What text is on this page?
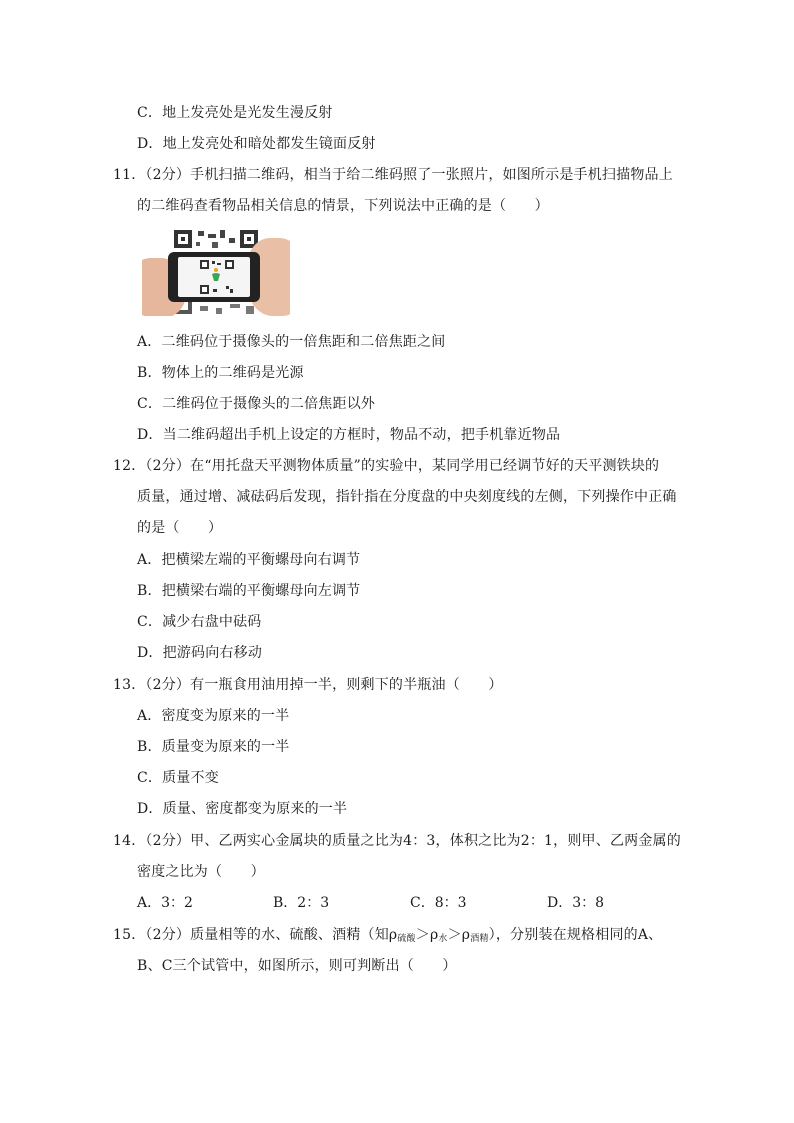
C．地上发亮处是光发生漫反射
D．地上发亮处和暗处都发生镜面反射
11．（2分）手机扫描二维码，相当于给二维码照了一张照片，如图所示是手机扫描物品上
的二维码查看物品相关信息的情景，下列说法中正确的是（　　）
A．二维码位于摄像头的一倍焦距和二倍焦距之间
B．物体上的二维码是光源
C．二维码位于摄像头的二倍焦距以外
D．当二维码超出手机上设定的方框时，物品不动，把手机靠近物品
12．（2分）在“用托盘天平测物体质量”的实验中，某同学用已经调节好的天平测铁块的
质量，通过增、减砝码后发现，指针指在分度盘的中央刻度线的左侧，下列操作中正确
的是（　　）
A．把横梁左端的平衡螺母向右调节
B．把横梁右端的平衡螺母向左调节
C．减少右盘中砝码
D．把游码向右移动
13．（2分）有一瓶食用油用掉一半，则剩下的半瓶油（　　）
A．密度变为原来的一半
B．质量变为原来的一半
C．质量不变
D．质量、密度都变为原来的一半
14．（2分）甲、乙两实心金属块的质量之比为4：3，体积之比为2：1，则甲、乙两金属的
密度之比为（　　）
A．3：2	B．2：3	C．8：3	D．3：8
15．（2分）质量相等的水、硫酸、酒精（知$\rho_{硫酸}>\rho_水>\rho_{酒精}$），分别装在规格相同的A、
B、C三个试管中，如图所示，则可判断出（　　）
